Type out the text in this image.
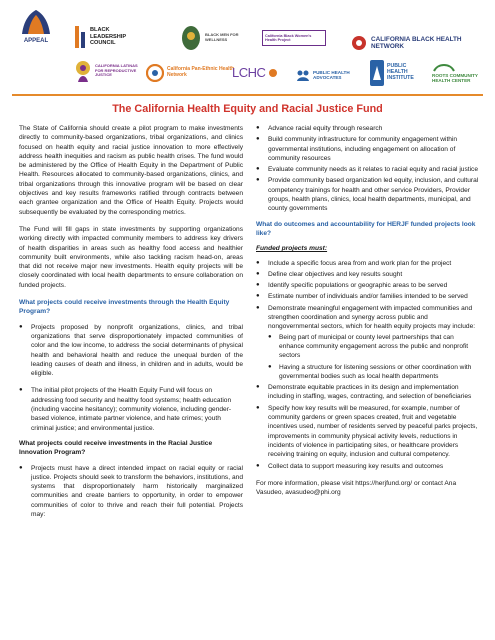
APPEAL
BLACK LEADERSHIP COUNCIL
BLACK MEN FOR WELLNESS
California Black Women's Health Project	CALIFORNIA BLACK HEALTH NETWORK
CALIFORNIA LATINAS FOR REPRODUCTIVE JUSTICE
California Pan-Ethnic Health Network	LCHC	PUBLIC HEALTH ADVOCATES
PUBLIC HEALTH INSTITUTE	ROOTS COMMUNITY HEALTH CENTER
The California Health Equity and Racial Justice Fund

The State of California should create a pilot program to make investments directly to community-based organizations, tribal organizations, and clinics focused on health equity and racial justice innovation to more effectively address health inequities and racism as public health crises. The fund would be administered by the Office of Health Equity in the Department of Public Health. Resources allocated to community-based organizations, clinics, and tribal organizations through this innovative program will be based on clear objectives and key results frameworks ratified through contracts between each grantee organization and the Office of Health Equity. Projects would subsequently be evaluated by the corresponding metrics.

The Fund will fill gaps in state investments by supporting organizations working directly with impacted community members to address key drivers of health disparities in areas such as healthy food access and healthier community built environments, while also tackling racism head-on, areas that did not receive major new investments. Health equity projects will be closely coordinated with local health departments to ensure collaboration on funded projects.

What projects could receive investments through the Health Equity Program?
● Projects proposed by nonprofit organizations, clinics, and tribal organizations that serve disproportionately impacted communities of color and the low income, to address the social determinants of physical health and behavioral health and reduce the unequal burden of the leading causes of death and illness, in children and in adults, would be eligible.
● The initial pilot projects of the Health Equity Fund will focus on addressing food security and healthy food systems; health education (including vaccine hesitancy); community violence, including gender-based violence, intimate partner violence, and hate crimes; youth criminal justice; and environmental justice.
What projects could receive investments in the Racial Justice Innovation Program?
● Projects must have a direct intended impact on racial equity or racial justice. Projects should seek to transform the behaviors, institutions, and systems that disproportionately harm historically marginalized communities and create barriers to opportunity, in order to empower communities of color to thrive and reach their full potential. Projects may:
● Advance racial equity through research
● Build community infrastructure for community engagement within governmental institutions, including engagement on allocation of community resources
● Evaluate community needs as it relates to racial equity and racial justice
● Provide community based organization led equity, inclusion, and cultural competency trainings for health and other service Providers, Provider groups, health plans, clinics, local health departments, municipal, and county governments
What do outcomes and accountability for HERJF funded projects look like?
Funded projects must:
● Include a specific focus area from and work plan for the project
● Define clear objectives and key results sought
● Identify specific populations or geographic areas to be served
● Estimate number of individuals and/or families intended to be served
● Demonstrate meaningful engagement with impacted communities and strengthen coordination and synergy across public and nongovernmental sectors, which for health equity projects may include:
● Being part of municipal or county level partnerships that can enhance community engagement across the public and nonprofit sectors
● Having a structure for listening sessions or other coordination with governmental bodies such as local health departments
● Demonstrate equitable practices in its design and implementation including in staffing, wages, contracting, and selection of beneficiaries
● Specify how key results will be measured, for example, number of community gardens or green spaces created, fruit and vegetable incentives used, number of residents served by peaceful parks projects, improvements in community physical activity levels, reductions in incidents of violence in participating sites, or healthcare providers receiving training on equity, inclusion and cultural competency.
● Collect data to support measuring key results and outcomes
For more information, please visit https://herjfund.org/ or contact Ana Vasudeo, avasudeo@phi.org
